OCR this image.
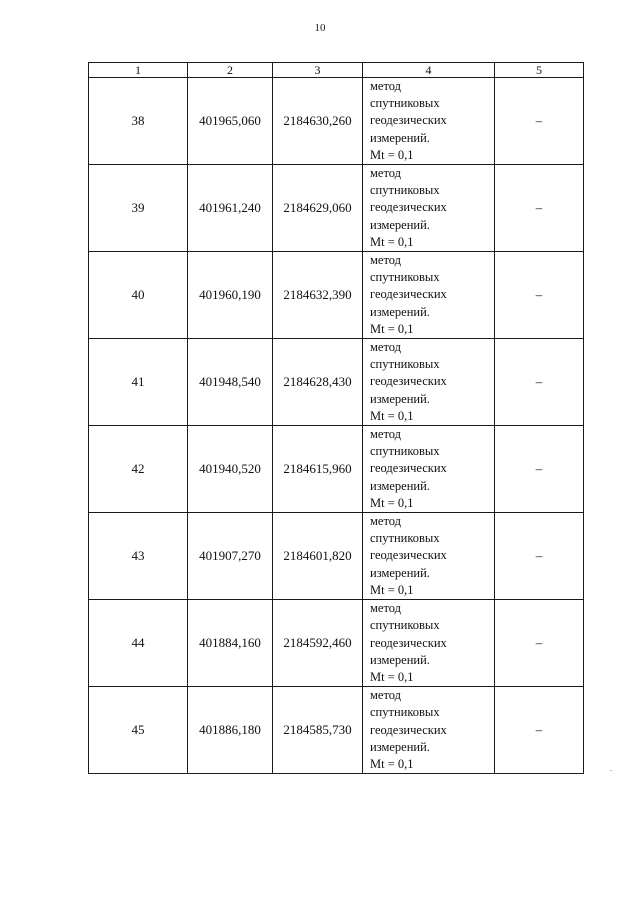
10
1	2	3	4	5
38	401965,060	2184630,260	метод
спутниковых
геодезических
измерений.
Mt = 0,1	–
39	401961,240	2184629,060	метод
спутниковых
геодезических
измерений.
Mt = 0,1	–
40	401960,190	2184632,390	метод
спутниковых
геодезических
измерений.
Mt = 0,1	–
41	401948,540	2184628,430	метод
спутниковых
геодезических
измерений.
Mt = 0,1	–
42	401940,520	2184615,960	метод
спутниковых
геодезических
измерений.
Mt = 0,1	–
43	401907,270	2184601,820	метод
спутниковых
геодезических
измерений.
Mt = 0,1	–
44	401884,160	2184592,460	метод
спутниковых
геодезических
измерений.
Mt = 0,1	–
45	401886,180	2184585,730	метод
спутниковых
геодезических
измерений.
Mt = 0,1	–
